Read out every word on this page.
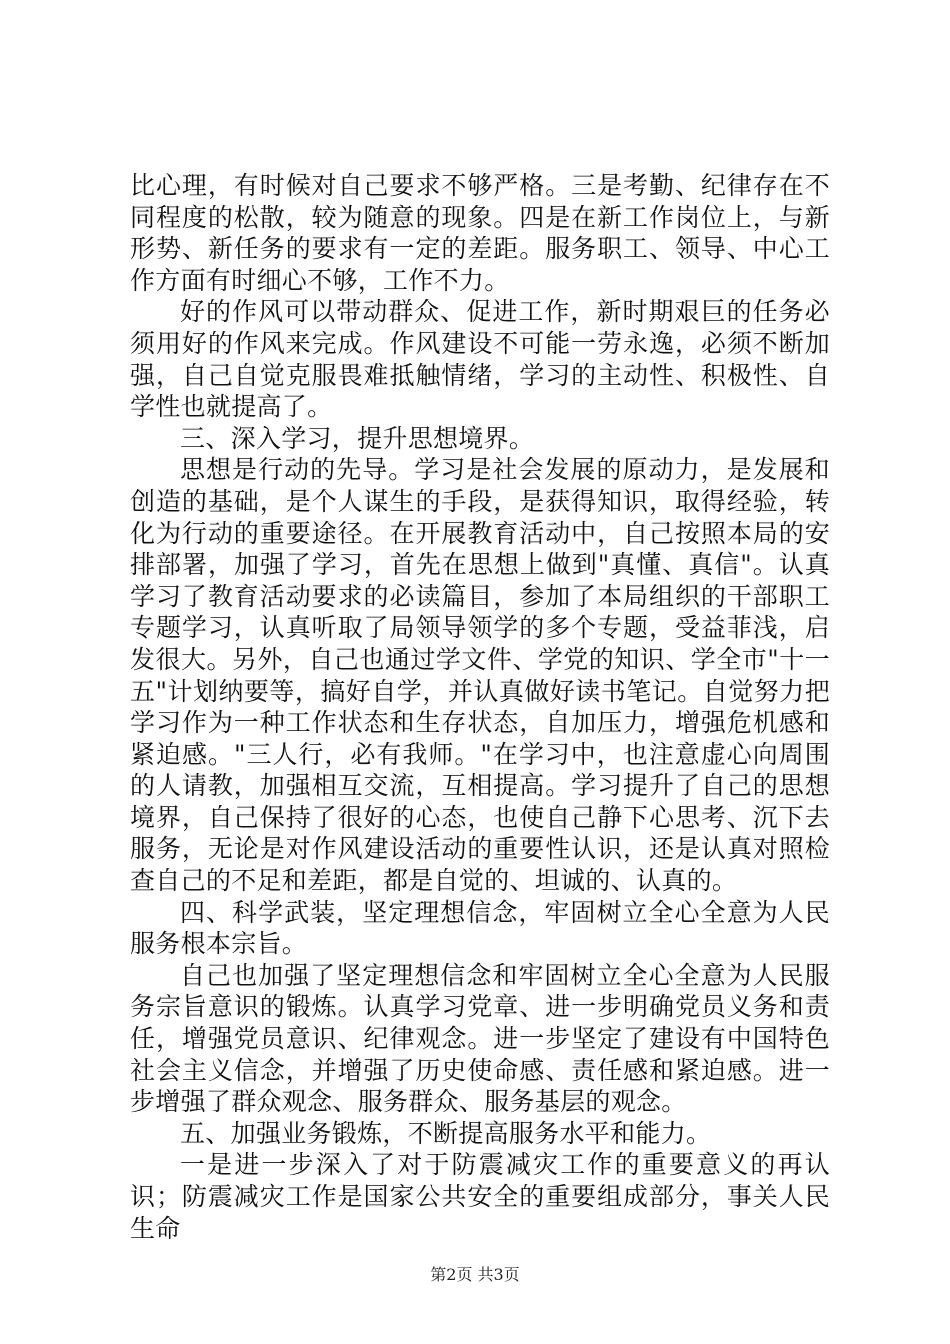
比心理，有时候对自己要求不够严格。三是考勤、纪律存在不同程度的松散，较为随意的现象。四是在新工作岗位上，与新形势、新任务的要求有一定的差距。服务职工、领导、中心工作方面有时细心不够，工作不力。

好的作风可以带动群众、促进工作，新时期艰巨的任务必须用好的作风来完成。作风建设不可能一劳永逸，必须不断加强，自己自觉克服畏难抵触情绪，学习的主动性、积极性、自学性也就提高了。

三、深入学习，提升思想境界。

思想是行动的先导。学习是社会发展的原动力，是发展和创造的基础，是个人谋生的手段，是获得知识，取得经验，转化为行动的重要途径。在开展教育活动中，自己按照本局的安排部署，加强了学习，首先在思想上做到"真懂、真信"。认真学习了教育活动要求的必读篇目，参加了本局组织的干部职工专题学习，认真听取了局领导领学的多个专题，受益菲浅，启发很大。另外，自己也通过学文件、学党的知识、学全市"十一五"计划纳要等，搞好自学，并认真做好读书笔记。自觉努力把学习作为一种工作状态和生存状态，自加压力，增强危机感和紧迫感。"三人行，必有我师。"在学习中，也注意虚心向周围的人请教，加强相互交流，互相提高。学习提升了自己的思想境界，自己保持了很好的心态，也使自己静下心思考、沉下去服务，无论是对作风建设活动的重要性认识，还是认真对照检查自己的不足和差距，都是自觉的、坦诚的、认真的。

四、科学武装，坚定理想信念，牢固树立全心全意为人民服务根本宗旨。

自己也加强了坚定理想信念和牢固树立全心全意为人民服务宗旨意识的锻炼。认真学习党章、进一步明确党员义务和责任，增强党员意识、纪律观念。进一步坚定了建设有中国特色社会主义信念，并增强了历史使命感、责任感和紧迫感。进一步增强了群众观念、服务群众、服务基层的观念。

五、加强业务锻炼，不断提高服务水平和能力。

一是进一步深入了对于防震减灾工作的重要意义的再认识；防震减灾工作是国家公共安全的重要组成部分，事关人民生命

第2页 共3页
